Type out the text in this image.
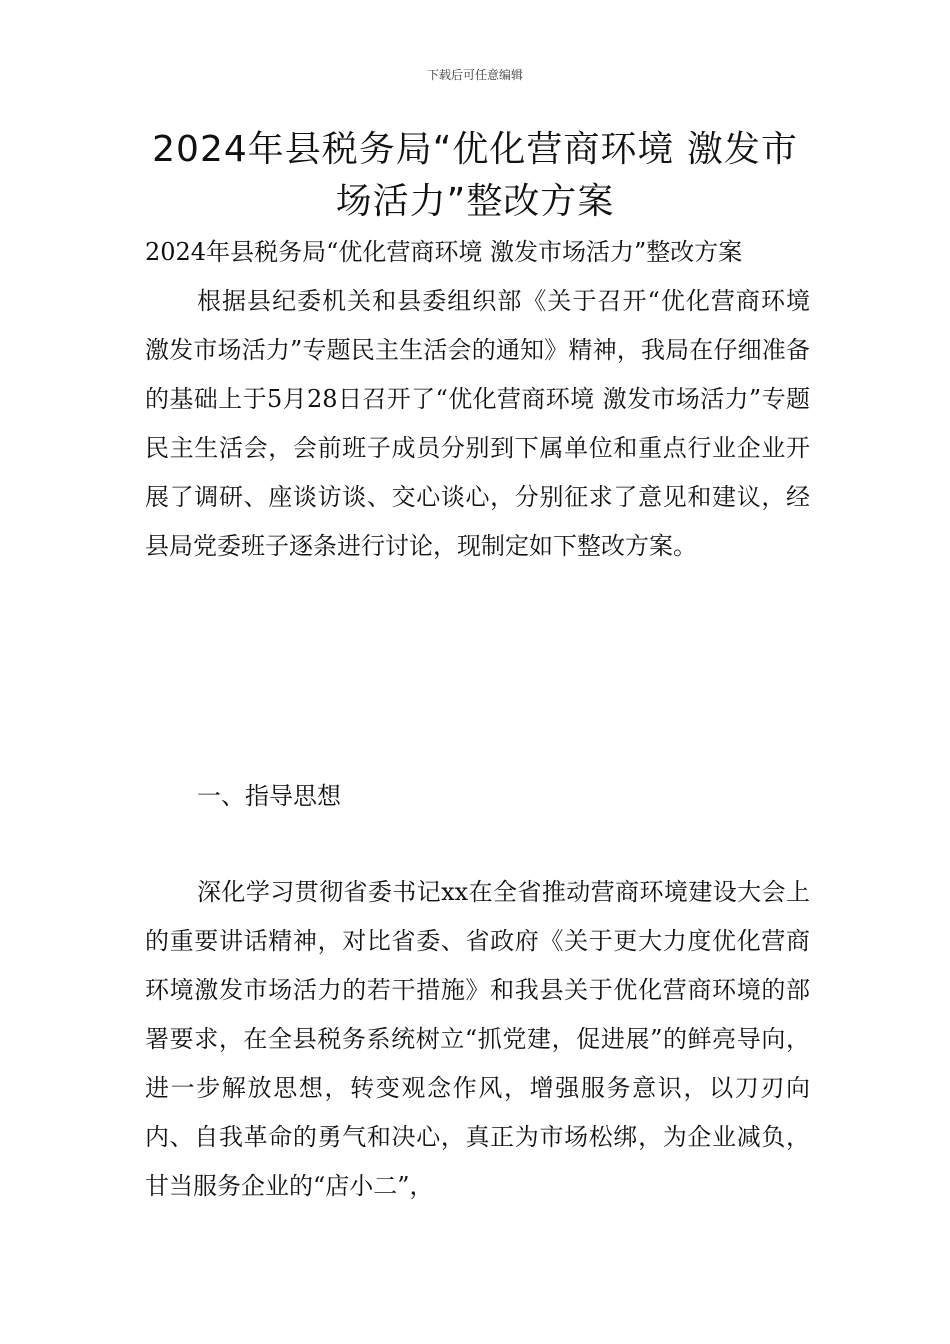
下载后可任意编辑
2024年县税务局“优化营商环境 激发市场活力”整改方案
2024年县税务局“优化营商环境 激发市场活力”整改方案
根据县纪委机关和县委组织部《关于召开“优化营商环境 激发市场活力”专题民主生活会的通知》精神，我局在仔细准备的基础上于5月28日召开了“优化营商环境 激发市场活力”专题民主生活会，会前班子成员分别到下属单位和重点行业企业开展了调研、座谈访谈、交心谈心，分别征求了意见和建议，经县局党委班子逐条进行讨论，现制定如下整改方案。
一、指导思想
深化学习贯彻省委书记xx在全省推动营商环境建设大会上的重要讲话精神，对比省委、省政府《关于更大力度优化营商环境激发市场活力的若干措施》和我县关于优化营商环境的部署要求，在全县税务系统树立“抓党建，促进展”的鲜亮导向，进一步解放思想，转变观念作风，增强服务意识，以刀刃向内、自我革命的勇气和决心，真正为市场松绑，为企业减负，甘当服务企业的“店小二”，
